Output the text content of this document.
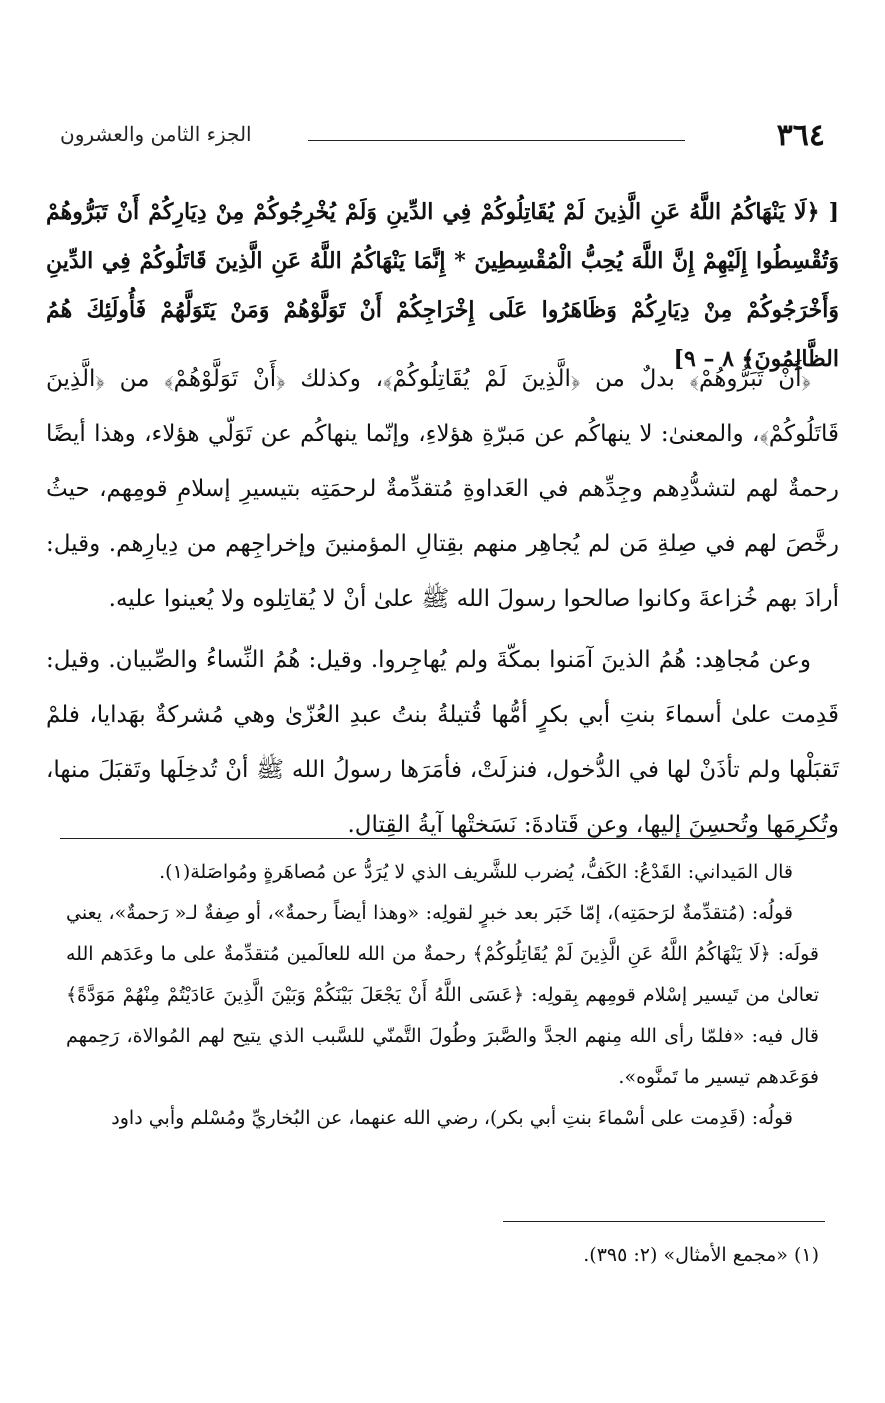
٣٦٤
الجزء الثامن والعشرون

[ ﴿لَا يَنْهَاكُمُ اللَّهُ عَنِ الَّذِينَ لَمْ يُقَاتِلُوكُمْ فِي الدِّينِ وَلَمْ يُخْرِجُوكُمْ مِنْ دِيَارِكُمْ أَنْ تَبَرُّوهُمْ وَتُقْسِطُوا إِلَيْهِمْ إِنَّ اللَّهَ يُحِبُّ الْمُقْسِطِينَ * إِنَّمَا يَنْهَاكُمُ اللَّهُ عَنِ الَّذِينَ قَاتَلُوكُمْ فِي الدِّينِ وَأَخْرَجُوكُمْ مِنْ دِيَارِكُمْ وَظَاهَرُوا عَلَى إِخْرَاجِكُمْ أَنْ تَوَلَّوْهُمْ وَمَنْ يَتَوَلَّهُمْ فَأُولَئِكَ هُمُ الظَّالِمُونَ﴾ ٨ – ٩]

﴿أَنْ تَبَرُّوهُمْ﴾ بدلٌ من ﴿الَّذِينَ لَمْ يُقَاتِلُوكُمْ﴾، وكذلك ﴿أَنْ تَوَلَّوْهُمْ﴾ من ﴿الَّذِينَ قَاتَلُوكُمْ﴾، والمعنىٰ: لا ينهاكُم عن مَبرّةِ هؤلاءِ، وإنّما ينهاكُم عن تَوَلّي هؤلاء، وهذا أيضًا رحمةٌ لهم لتشدُّدِهم وجِدِّهم في العَداوةِ مُتقدِّمةٌ لرحمَتِه بتيسيرِ إسلامِ قومِهم، حيثُ رخَّصَ لهم في صِلةِ مَن لم يُجاهِر منهم بقِتالِ المؤمنينَ وإخراجِهم من دِيارِهم. وقيل: أرادَ بهم خُزاعةَ وكانوا صالحوا رسولَ الله ﷺ علىٰ أنْ لا يُقاتِلوه ولا يُعينوا عليه.

وعن مُجاهِد: هُمُ الذينَ آمَنوا بمكّةَ ولم يُهاجِروا. وقيل: هُمُ النِّساءُ والصِّبيان. وقيل: قَدِمت علىٰ أسماءَ بنتِ أبي بكرٍ أمُّها قُتيلةُ بنتُ عبدِ العُزّىٰ وهي مُشركةٌ بهَدايا، فلمْ تَقبَلْها ولم تأذَنْ لها في الدُّخول، فنزلَتْ، فأمَرَها رسولُ الله ﷺ أنْ تُدخِلَها وتَقبَلَ منها، وتُكرِمَها وتُحسِنَ إليها، وعن قَتادةَ: نَسَختْها آيةُ القِتال.

قال المَيداني: القَدْعُ: الكَفُّ، يُضرب للشَّريف الذي لا يُرَدُّ عن مُصاهَرةٍ ومُواصَلة(١).

قولُه: (مُتقدِّمةٌ لرَحمَتِه)، إمّا خَبَر بعد خبرٍ لقولِه: «وهذا أيضاً رحمةٌ»، أو صِفةٌ لـ« رَحمةٌ»، يعني قولَه: ﴿لَا يَنْهَاكُمُ اللَّهُ عَنِ الَّذِينَ لَمْ يُقَاتِلُوكُمْ﴾ رحمةٌ من الله للعالَمين مُتقدِّمةٌ على ما وعَدَهم الله تعالىٰ من تَيسير إسْلام قومِهم بِقولِه: ﴿عَسَى اللَّهُ أَنْ يَجْعَلَ بَيْنَكُمْ وَبَيْنَ الَّذِينَ عَادَيْتُمْ مِنْهُمْ مَوَدَّةً﴾ قال فيه: «فلمّا رأى الله مِنهم الجدَّ والصَّبرَ وطُولَ التَّمنّي للسَّبب الذي يتيح لهم المُوالاة، رَحِمهم فوَعَدهم تيسير ما تَمنَّوه».

قولُه: (قَدِمت على أسْماءَ بنتِ أبي بكر)، رضي الله عنهما، عن البُخاريِّ ومُسْلم وأبي داود

(١) «مجمع الأمثال» (٢: ٣٩٥).
